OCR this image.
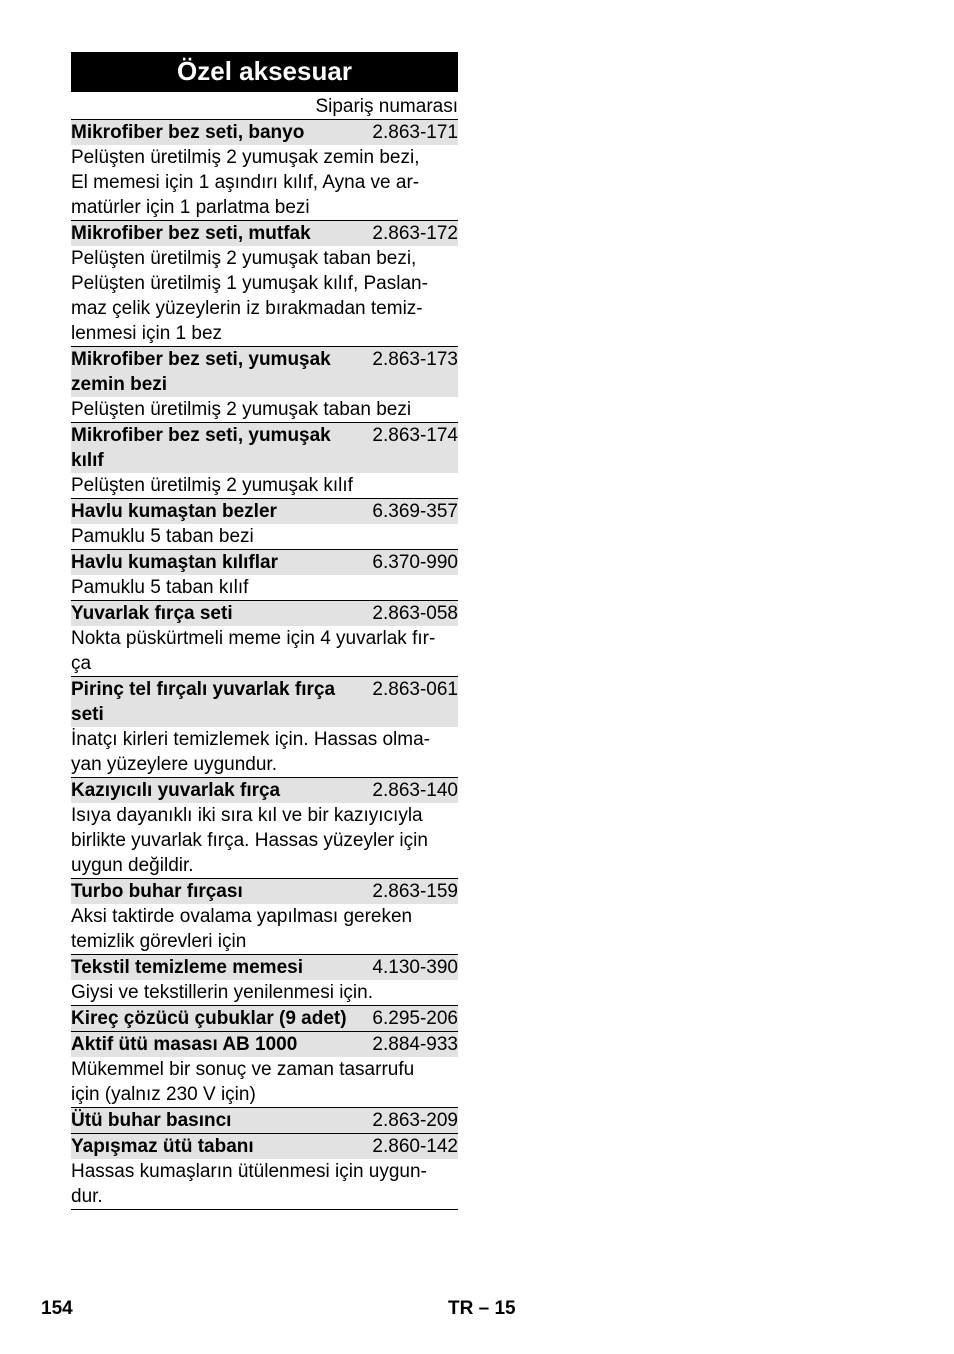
Özel aksesuar
Sipariş numarası
Mikrofiber bez seti, banyo	2.863-171
Pelüşten üretilmiş 2 yumuşak zemin bezi,
El memesi için 1 aşındırı kılıf, Ayna ve ar-
matürler için 1 parlatma bezi
Mikrofiber bez seti, mutfak	2.863-172
Pelüşten üretilmiş 2 yumuşak taban bezi,
Pelüşten üretilmiş 1 yumuşak kılıf, Paslan-
maz çelik yüzeylerin iz bırakmadan temiz-
lenmesi için 1 bez
Mikrofiber bez seti, yumuşak zemin bezi
2.863-173
Pelüşten üretilmiş 2 yumuşak taban bezi
Mikrofiber bez seti, yumuşak kılıf
2.863-174
Pelüşten üretilmiş 2 yumuşak kılıf
Havlu kumaştan bezler	6.369-357
Pamuklu 5 taban bezi
Havlu kumaştan kılıflar	6.370-990
Pamuklu 5 taban kılıf
Yuvarlak fırça seti	2.863-058
Nokta püskürtmeli meme için 4 yuvarlak fır-
ça
Pirinç tel fırçalı yuvarlak fırça seti
2.863-061
İnatçı kirleri temizlemek için. Hassas olma-
yan yüzeylere uygundur.
Kazıyıcılı yuvarlak fırça	2.863-140
Isıya dayanıklı iki sıra kıl ve bir kazıyıcıyla
birlikte yuvarlak fırça. Hassas yüzeyler için
uygun değildir.
Turbo buhar fırçası	2.863-159
Aksi taktirde ovalama yapılması gereken
temizlik görevleri için
Tekstil temizleme memesi	4.130-390
Giysi ve tekstillerin yenilenmesi için.
Kireç çözücü çubuklar (9 adet)	6.295-206
Aktif ütü masası AB 1000	2.884-933
Mükemmel bir sonuç ve zaman tasarrufu
için (yalnız 230 V için)
Ütü buhar basıncı	2.863-209
Yapışmaz ütü tabanı	2.860-142
Hassas kumaşların ütülenmesi için uygun-
dur.
154	TR – 15
